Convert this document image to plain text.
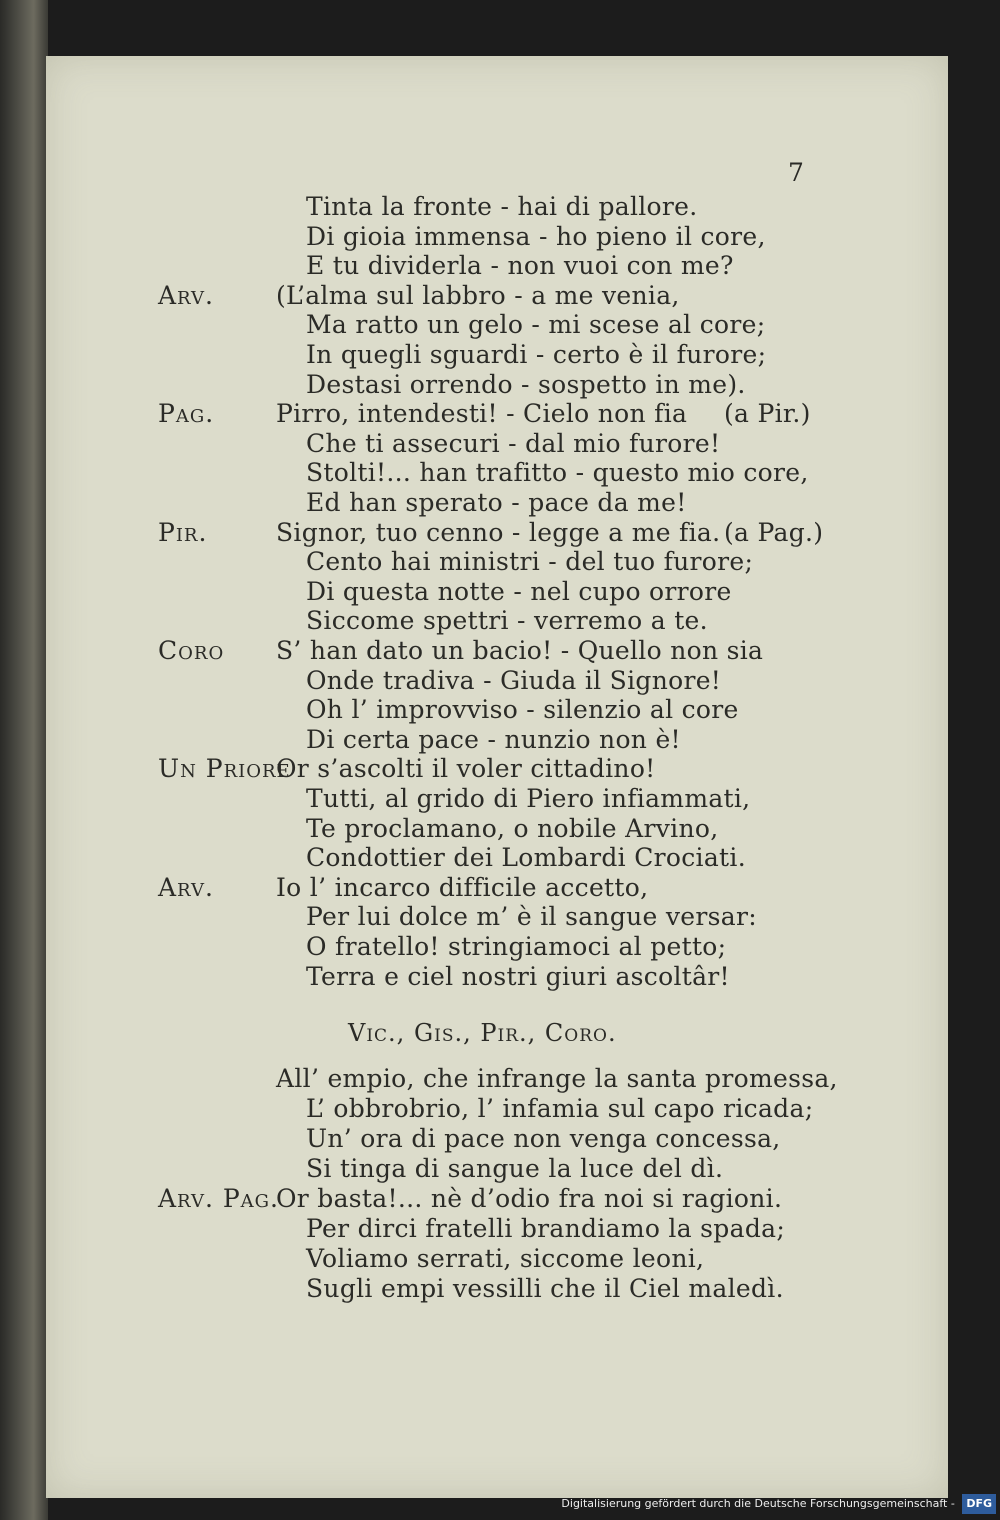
7
Tinta la fronte - hai di pallore.
Di gioia immensa - ho pieno il core,
E tu dividerla - non vuoi con me?
Arv. (L’alma sul labbro - a me venia,
Ma ratto un gelo - mi scese al core;
In quegli sguardi - certo è il furore;
Destasi orrendo - sospetto in me).
Pag. Pirro, intendesti! - Cielo non fia (a Pir.)
Che ti assecuri - dal mio furore!
Stolti!... han trafitto - questo mio core,
Ed han sperato - pace da me!
Pir.	Signor, tuo cenno - legge a me fia. (a Pag.)
Cento hai ministri - del tuo furore;
Di questa notte - nel cupo orrore
Siccome spettri - verremo a te.
Coro S’ han dato un bacio! - Quello non sia
Onde tradiva - Giuda il Signore!
Oh l’ improvviso - silenzio al core
Di certa pace - nunzio non è!
Un Priore
Or s’ascolti il voler cittadino!
Tutti, al grido di Piero infiammati,
Te proclamano, o nobile Arvino,
Condottier dei Lombardi Crociati.
Arv. Io l’ incarco difficile accetto,
Per lui dolce m’ è il sangue versar:
O fratello! stringiamoci al petto;
Terra e ciel nostri giuri ascoltâr!
Vic., Gis., Pir., Coro.
All’ empio, che infrange la santa promessa,
L’ obbrobrio, l’ infamia sul capo ricada;
Un’ ora di pace non venga concessa,
Si tinga di sangue la luce del dì.
Arv. Pag.
Or basta!... nè d’odio fra noi si ragioni.
Per dirci fratelli brandiamo la spada;
Voliamo serrati, siccome leoni,
Sugli empi vessilli che il Ciel maledì.
Digitalisierung gefördert durch die Deutsche Forschungsgemeinschaft - DFG
